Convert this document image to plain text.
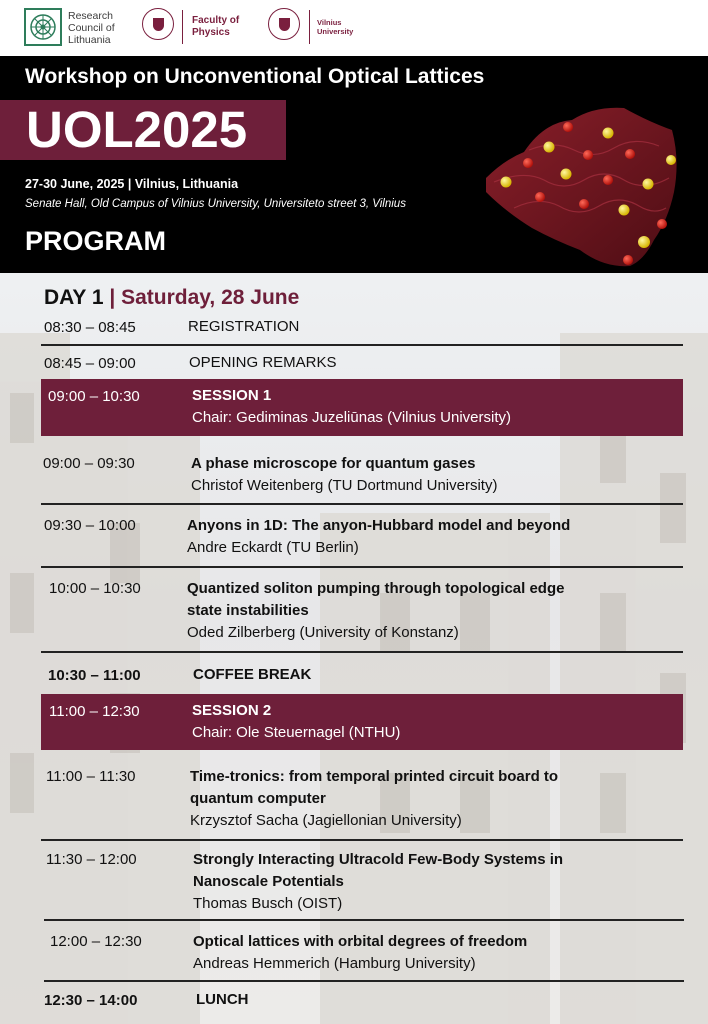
Research
Council of
Lithuania
Faculty of
Physics
Vilnius
University
Workshop on Unconventional Optical Lattices
UOL2025
27-30 June, 2025 | Vilnius, Lithuania
Senate Hall, Old Campus of Vilnius University, Universiteto street 3, Vilnius
PROGRAM
DAY 1 | Saturday, 28 June
08:30 – 08:45	REGISTRATION
08:45 – 09:00	OPENING REMARKS
09:00 – 10:30	SESSION 1
Chair: Gediminas Juzeliūnas (Vilnius University)
09:00 – 09:30	A phase microscope for quantum gases
Christof Weitenberg (TU Dortmund University)
09:30 – 10:00	Anyons in 1D: The anyon-Hubbard model and beyond
Andre Eckardt (TU Berlin)
10:00 – 10:30	Quantized soliton pumping through topological edge
state instabilities
Oded Zilberberg (University of Konstanz)
10:30 – 11:00	COFFEE BREAK
11:00 – 12:30	SESSION 2
Chair: Ole Steuernagel (NTHU)
11:00 – 11:30	Time-tronics: from temporal printed circuit board to
quantum computer
Krzysztof Sacha (Jagiellonian University)
11:30 – 12:00	Strongly Interacting Ultracold Few-Body Systems in
Nanoscale Potentials
Thomas Busch (OIST)
12:00 – 12:30	Optical lattices with orbital degrees of freedom
Andreas Hemmerich (Hamburg University)
12:30 – 14:00	LUNCH
